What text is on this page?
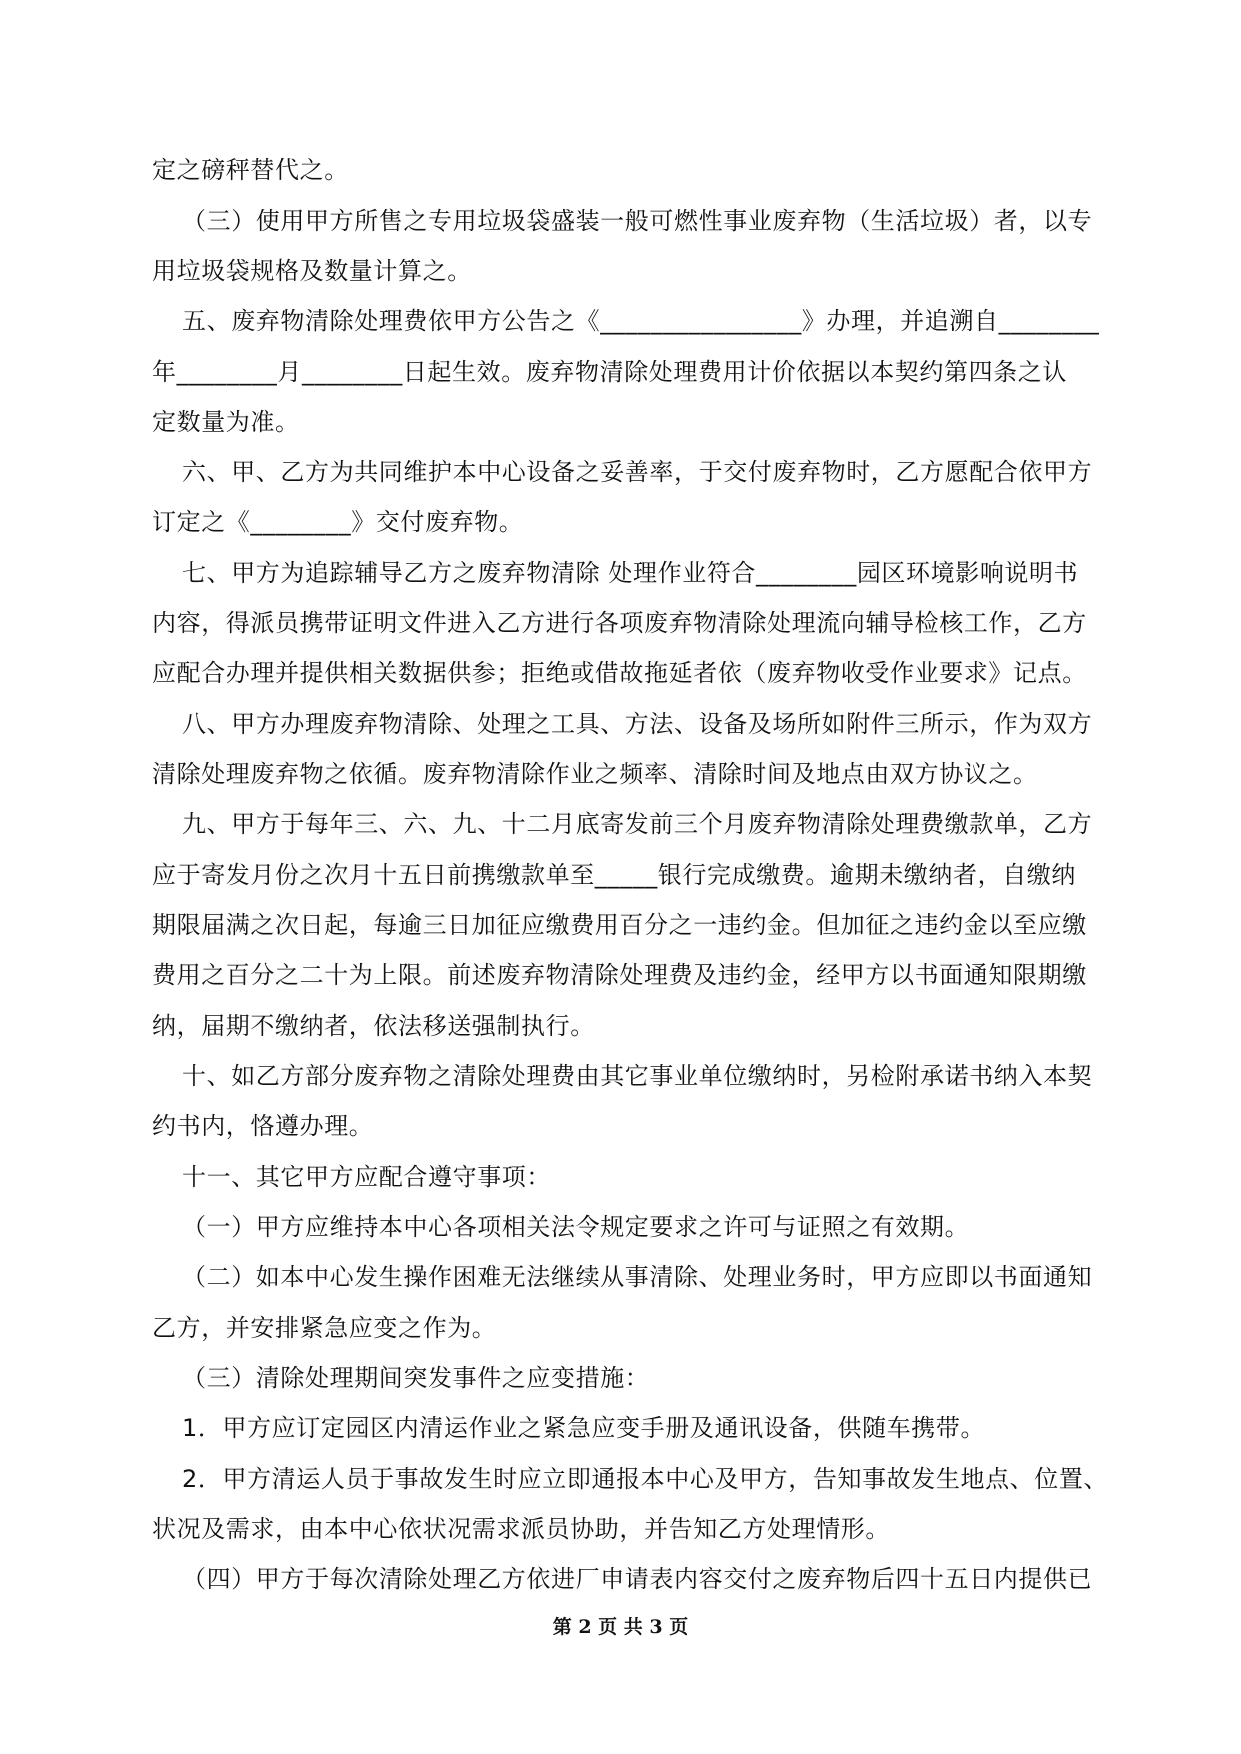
定之磅秤替代之。
（三）使用甲方所售之专用垃圾袋盛装一般可燃性事业废弃物（生活垃圾）者，以专
用垃圾袋规格及数量计算之。
五、废弃物清除处理费依甲方公告之《________________》办理，并追溯自________
年________月________日起生效。废弃物清除处理费用计价依据以本契约第四条之认
定数量为准。
六、甲、乙方为共同维护本中心设备之妥善率，于交付废弃物时，乙方愿配合依甲方
订定之《________》交付废弃物。
七、甲方为追踪辅导乙方之废弃物清除 处理作业符合________园区环境影响说明书
内容，得派员携带证明文件进入乙方进行各项废弃物清除处理流向辅导检核工作，乙方
应配合办理并提供相关数据供参；拒绝或借故拖延者依（废弃物收受作业要求》记点。
八、甲方办理废弃物清除、处理之工具、方法、设备及场所如附件三所示，作为双方
清除处理废弃物之依循。废弃物清除作业之频率、清除时间及地点由双方协议之。
九、甲方于每年三、六、九、十二月底寄发前三个月废弃物清除处理费缴款单，乙方
应于寄发月份之次月十五日前携缴款单至_____银行完成缴费。逾期未缴纳者，自缴纳
期限届满之次日起，每逾三日加征应缴费用百分之一违约金。但加征之违约金以至应缴
费用之百分之二十为上限。前述废弃物清除处理费及违约金，经甲方以书面通知限期缴
纳，届期不缴纳者，依法移送强制执行。
十、如乙方部分废弃物之清除处理费由其它事业单位缴纳时，另检附承诺书纳入本契
约书内，恪遵办理。
十一、其它甲方应配合遵守事项：
（一）甲方应维持本中心各项相关法令规定要求之许可与证照之有效期。
（二）如本中心发生操作困难无法继续从事清除、处理业务时，甲方应即以书面通知
乙方，并安排紧急应变之作为。
（三）清除处理期间突发事件之应变措施：
1．甲方应订定园区内清运作业之紧急应变手册及通讯设备，供随车携带。
2．甲方清运人员于事故发生时应立即通报本中心及甲方，告知事故发生地点、位置、
状况及需求，由本中心依状况需求派员协助，并告知乙方处理情形。
（四）甲方于每次清除处理乙方依进厂申请表内容交付之废弃物后四十五日内提供已
第 2 页 共 3 页
